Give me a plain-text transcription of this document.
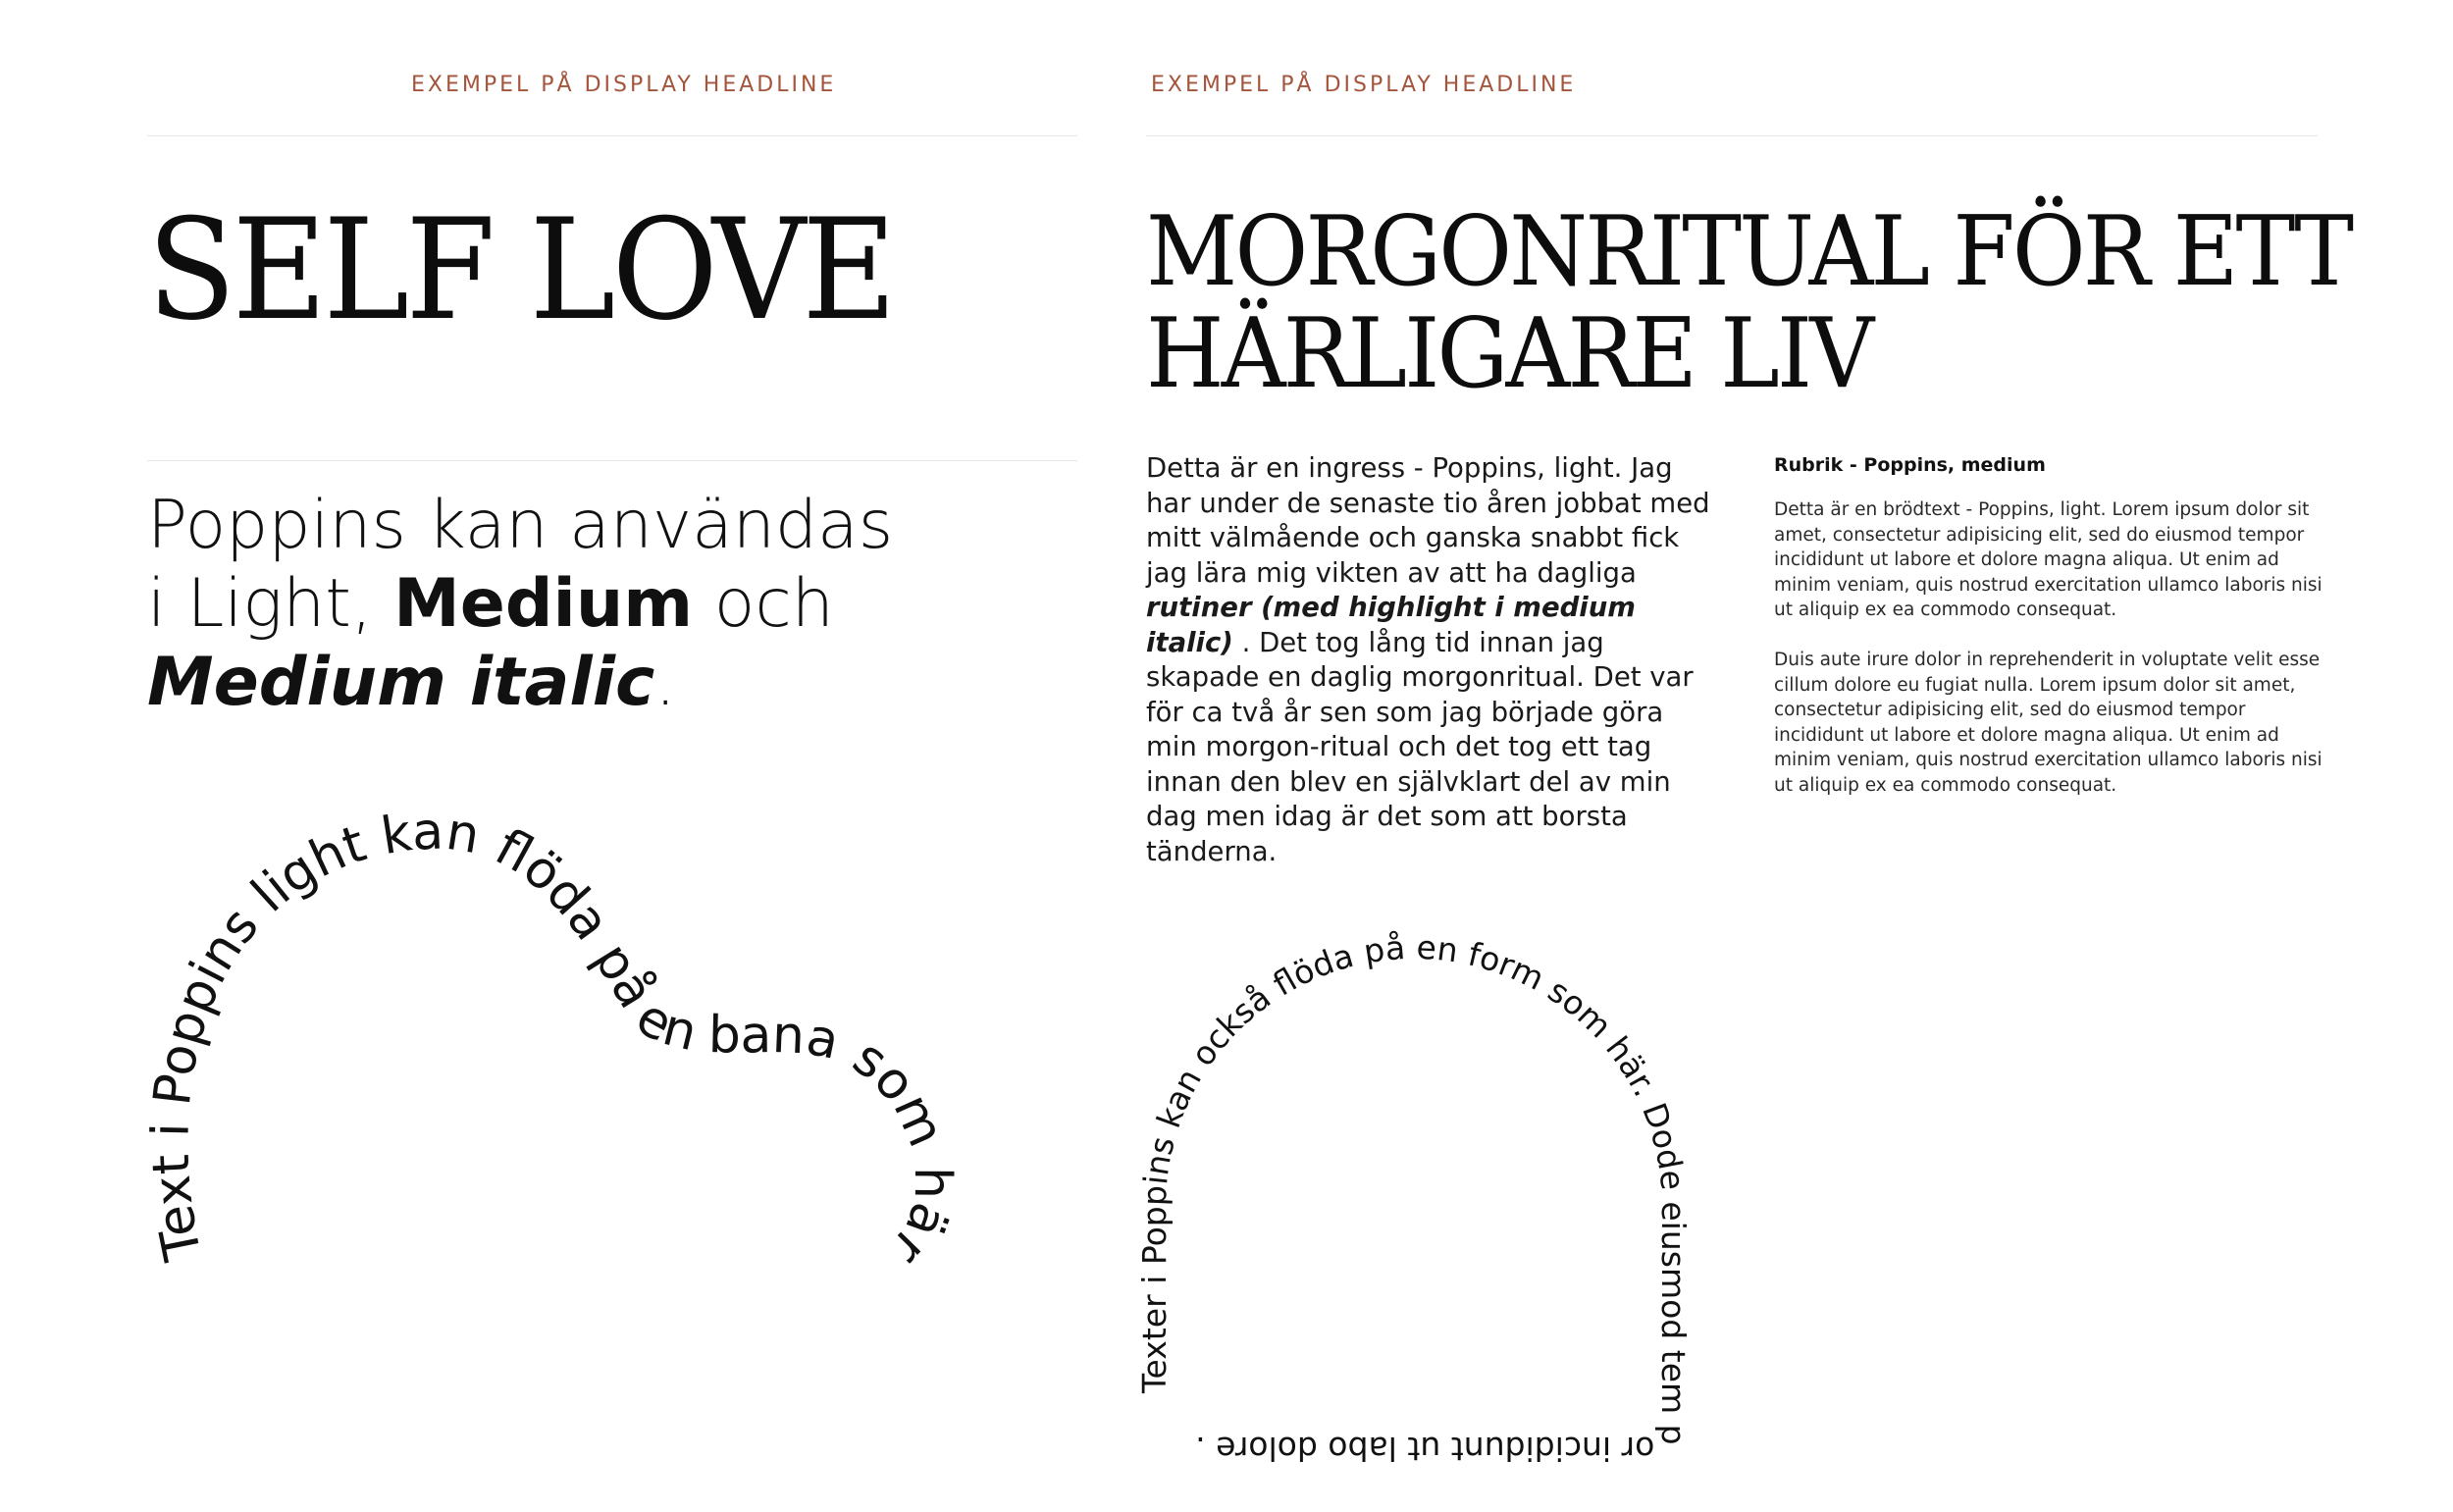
EXEMPEL PÅ DISPLAY HEADLINE
SELF LOVE
Poppins kan användas
i Light, Medium och
Medium italic.
Text i Poppins light kan flöda på en bana som här
EXEMPEL PÅ DISPLAY HEADLINE
MORGONRITUAL FÖR ETT
HÄRLIGARE LIV

Detta är en ingress - Poppins, light. Jag har under de senaste tio åren jobbat med mitt välmående och ganska snabbt fick jag lära mig vikten av att ha dagliga rutiner (med highlight i medium italic) . Det tog lång tid innan jag skapade en daglig morgonritual. Det var för ca två år sen som jag började göra min morgon-ritual och det tog ett tag innan den blev en självklart del av min dag men idag är det som att borsta tänderna.

Rubrik - Poppins, medium

Detta är en brödtext - Poppins, light. Lorem ipsum dolor sit amet, consectetur adipisicing elit, sed do eiusmod tempor incididunt ut labore et dolore magna aliqua. Ut enim ad minim veniam, quis nostrud exercitation ullamco laboris nisi ut aliquip ex ea commodo consequat.

Duis aute irure dolor in reprehenderit in voluptate velit esse cillum dolore eu fugiat nulla. Lorem ipsum dolor sit amet, consectetur adipisicing elit, sed do eiusmod tempor incididunt ut labore et dolore magna aliqua. Ut enim ad minim veniam, quis nostrud exercitation ullamco laboris nisi ut aliquip ex ea commodo consequat.

Texter i Poppins kan också flöda på en form som här. Dode eiusmod tem por incididunt ut labo dolore .
